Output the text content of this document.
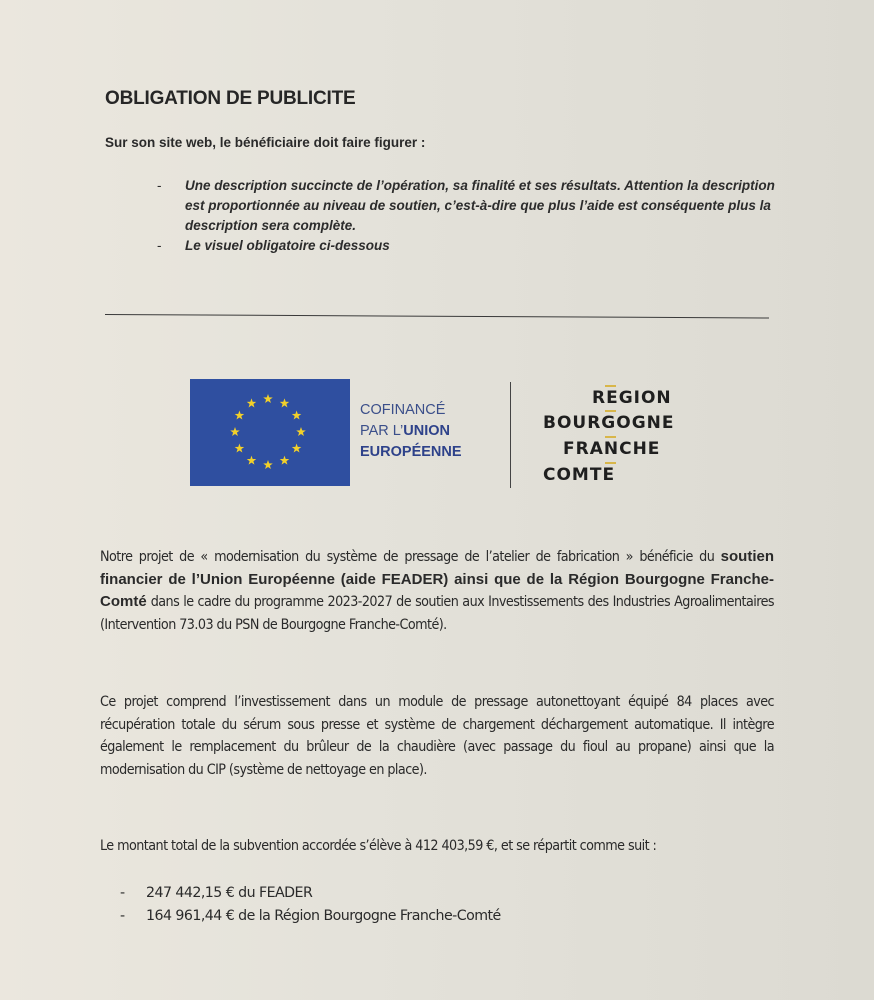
OBLIGATION DE PUBLICITE
Sur son site web, le bénéficiaire doit faire figurer :
- Une description succincte de l’opération, sa finalité et ses résultats. Attention la description est proportionnée au niveau de soutien, c’est-à-dire que plus l’aide est conséquente plus la description sera complète.
- Le visuel obligatoire ci-dessous
COFINANCÉ
PAR L’UNION
EUROPÉENNE
REGION
BOURGOGNE
FRANCHE
COMTE
Notre projet de « modernisation du système de pressage de l’atelier de fabrication » bénéficie du soutien financier de l’Union Européenne (aide FEADER) ainsi que de la Région Bourgogne Franche-Comté dans le cadre du programme 2023-2027 de soutien aux Investissements des Industries Agroalimentaires (Intervention 73.03 du PSN de Bourgogne Franche-Comté).
Ce projet comprend l’investissement dans un module de pressage autonettoyant équipé 84 places avec récupération totale du sérum sous presse et système de chargement déchargement automatique. Il intègre également le remplacement du brûleur de la chaudière (avec passage du fioul au propane) ainsi que la modernisation du CIP (système de nettoyage en place).
Le montant total de la subvention accordée s’élève à 412 403,59 €, et se répartit comme suit :
- 247 442,15 € du FEADER
- 164 961,44 € de la Région Bourgogne Franche-Comté
